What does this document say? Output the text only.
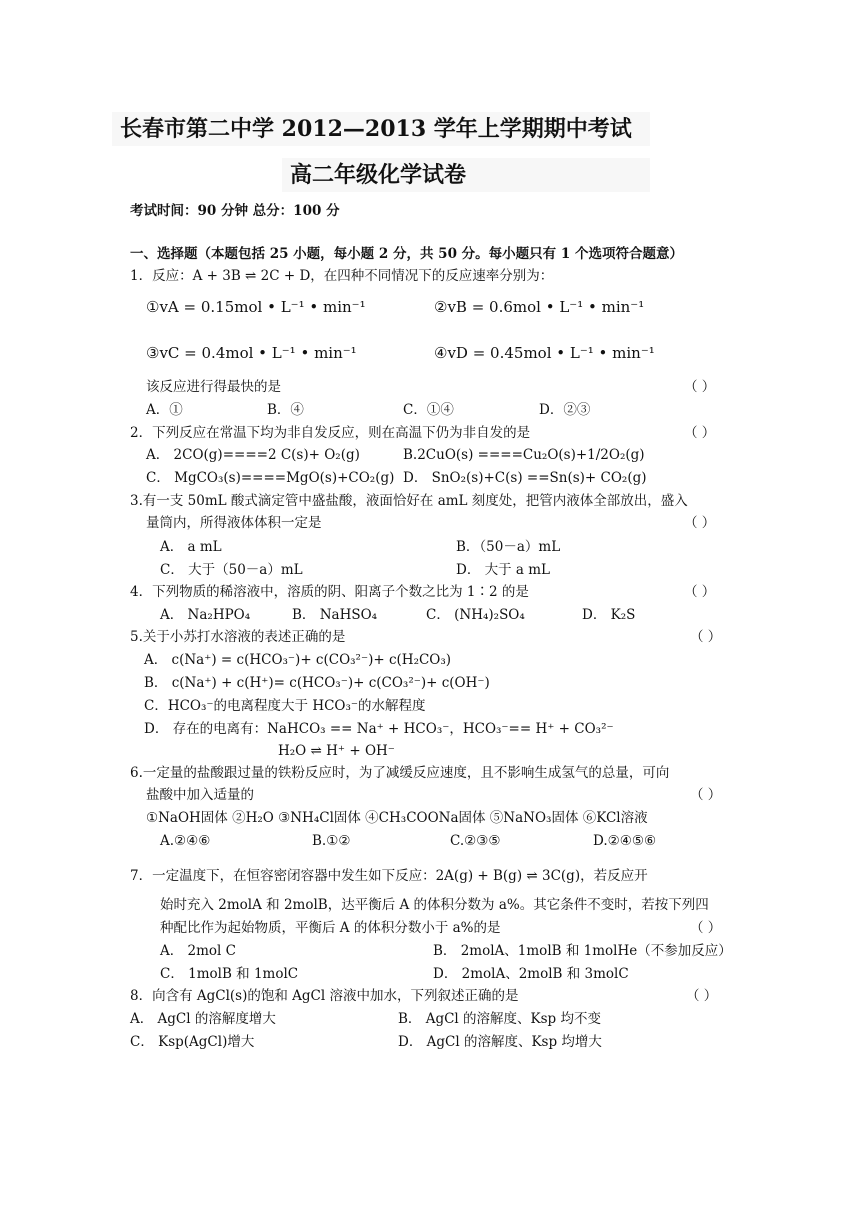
长春市第二中学 2012—2013 学年上学期期中考试
高二年级化学试卷
考试时间：90 分钟 总分：100 分
一、选择题（本题包括 25 小题，每小题 2 分，共 50 分。每小题只有 1 个选项符合题意）
1．反应：A + 3B ⇌ 2C + D，在四种不同情况下的反应速率分别为：
①vA = 0.15mol • L⁻¹ • min⁻¹	②vB = 0.6mol • L⁻¹ • min⁻¹
③vC = 0.4mol • L⁻¹ • min⁻¹	④vD = 0.45mol • L⁻¹ • min⁻¹
该反应进行得最快的是	（ ）
A．①	B．④	C．①④	D．②③
2．下列反应在常温下均为非自发反应，则在高温下仍为非自发的是	（ ）
A． 2CO(g)====2 C(s)+ O₂(g)	B.2CuO(s) ====Cu₂O(s)+1/2O₂(g)
C． MgCO₃(s)====MgO(s)+CO₂(g) D． SnO₂(s)+C(s) ==Sn(s)+ CO₂(g)
3.有一支 50mL 酸式滴定管中盛盐酸，液面恰好在 amL 刻度处，把管内液体全部放出，盛入
量筒内，所得液体体积一定是	（ ）
A． a mL	B．（50－a）mL
C． 大于（50－a）mL	D． 大于 a mL
4．下列物质的稀溶液中，溶质的阴、阳离子个数之比为 1∶2 的是	（ ）
A． Na₂HPO₄	B． NaHSO₄	C． (NH₄)₂SO₄	D． K₂S
5.关于小苏打水溶液的表述正确的是	（ ）
A． c(Na⁺) = c(HCO₃⁻)+ c(CO₃²⁻)+ c(H₂CO₃)
B． c(Na⁺) + c(H⁺)= c(HCO₃⁻)+ c(CO₃²⁻)+ c(OH⁻)
C．HCO₃⁻的电离程度大于 HCO₃⁻的水解程度
D． 存在的电离有：NaHCO₃ == Na⁺ + HCO₃⁻，HCO₃⁻== H⁺ + CO₃²⁻
H₂O ⇌ H⁺ + OH⁻
6.一定量的盐酸跟过量的铁粉反应时，为了减缓反应速度，且不影响生成氢气的总量，可向
盐酸中加入适量的	（ ）
①NaOH固体 ②H₂O ③NH₄Cl固体 ④CH₃COONa固体 ⑤NaNO₃固体 ⑥KCl溶液
A.②④⑥	B.①②	C.②③⑤	D.②④⑤⑥
7．一定温度下，在恒容密闭容器中发生如下反应：2A(g) + B(g) ⇌ 3C(g)，若反应开
始时充入 2molA 和 2molB，达平衡后 A 的体积分数为 a%。其它条件不变时，若按下列四
种配比作为起始物质，平衡后 A 的体积分数小于 a%的是	（ ）
A． 2mol C	B． 2molA、1molB 和 1molHe（不参加反应）
C． 1molB 和 1molC	D． 2molA、2molB 和 3molC
8．向含有 AgCl(s)的饱和 AgCl 溶液中加水，下列叙述正确的是	（ ）
A． AgCl 的溶解度增大	B． AgCl 的溶解度、Ksp 均不变
C． Ksp(AgCl)增大	D． AgCl 的溶解度、Ksp 均增大
